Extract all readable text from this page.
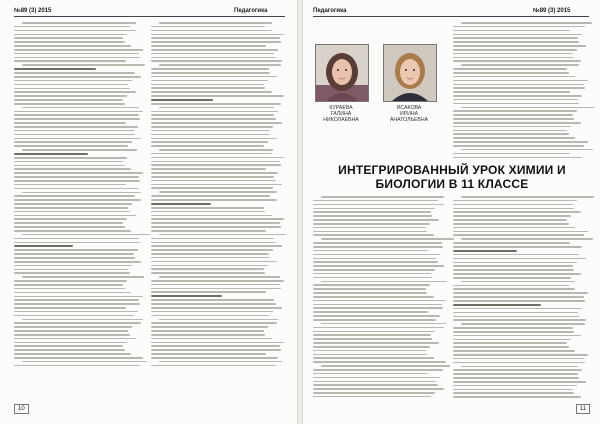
№89 (3) 2015	Педагогика
10
Педагогика	№89 (3) 2015
КУРАЕВА
ГАЛИНА
НИКОЛАЕВНА
ИСАКОВА
ИРИНА
АНАТОЛЬЕВНА
11
ИНТЕГРИРОВАННЫЙ УРОК ХИМИИ И
БИОЛОГИИ В 11 КЛАССЕ
